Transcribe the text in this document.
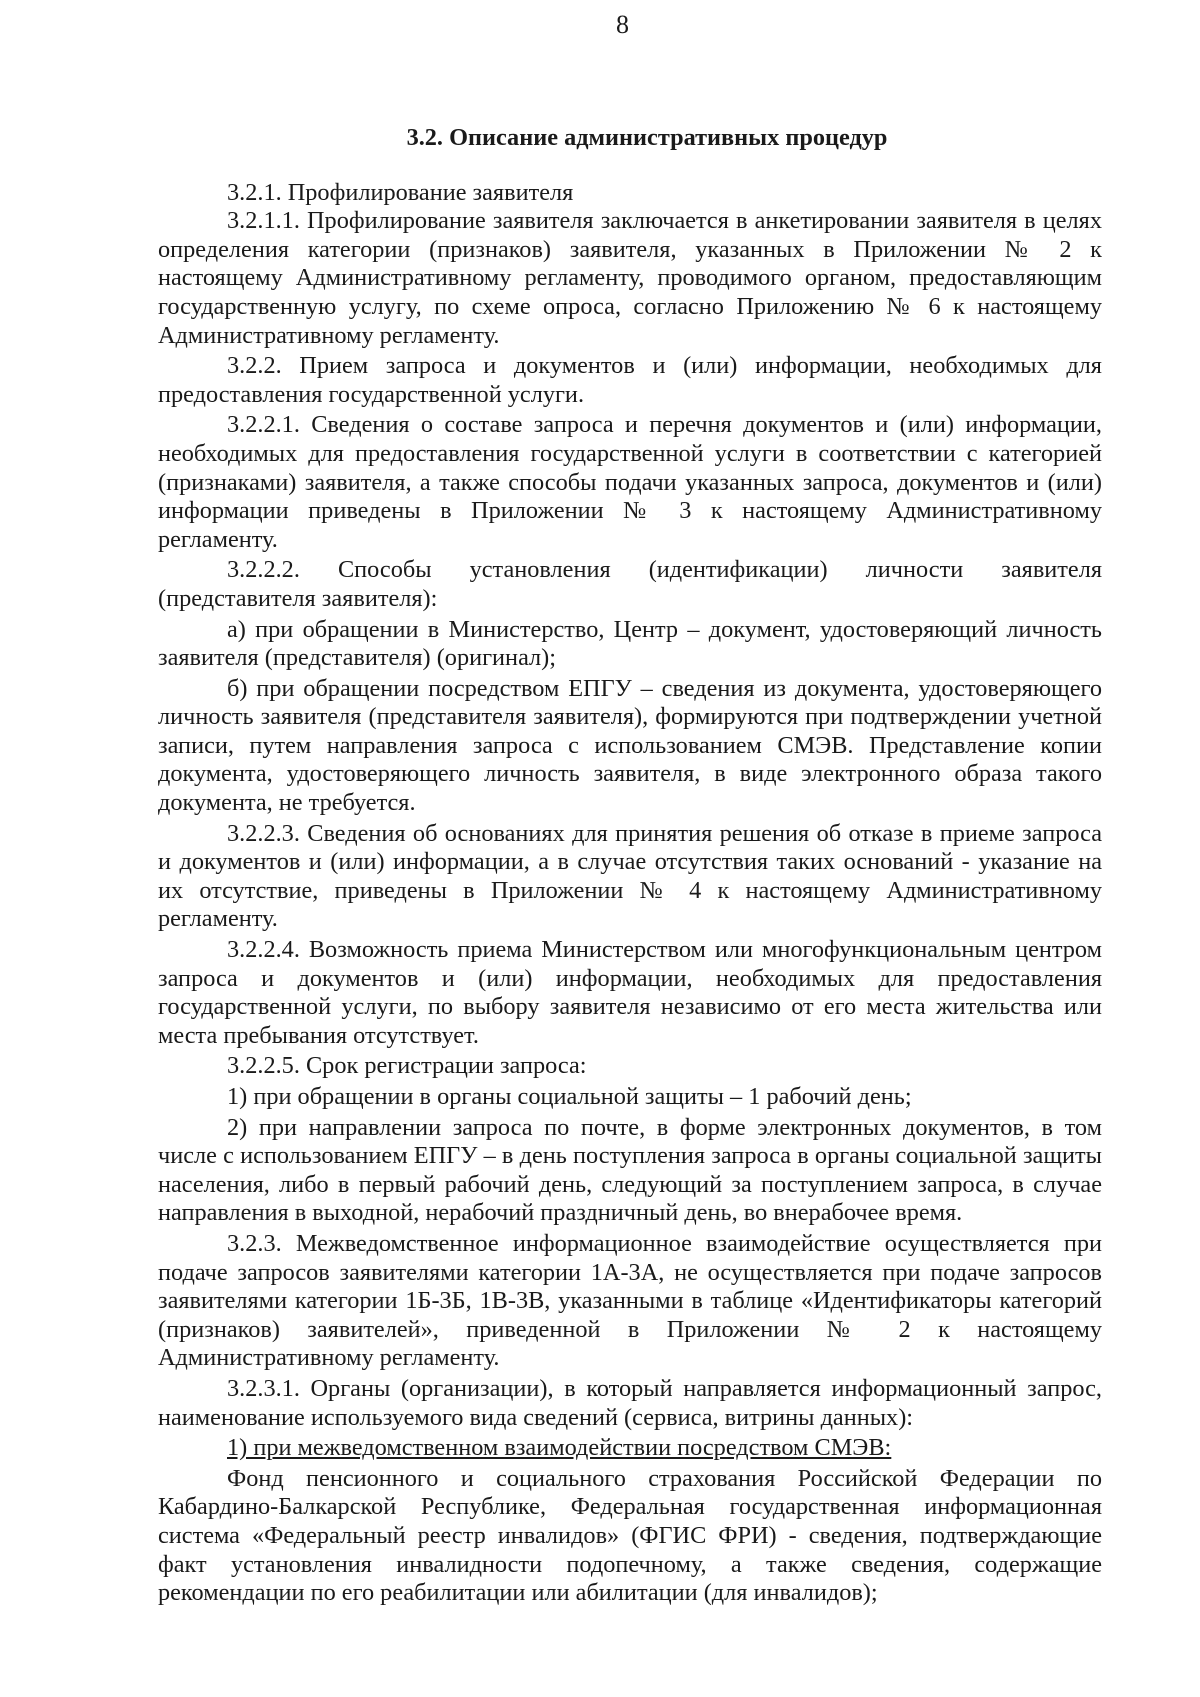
8
3.2. Описание административных процедур

3.2.1. Профилирование заявителя

3.2.1.1. Профилирование заявителя заключается в анкетировании заявителя в целях определения категории (признаков) заявителя, указанных в Приложении № 2 к настоящему Административному регламенту, проводимого органом, предоставляющим государственную услугу, по схеме опроса, согласно Приложению № 6 к настоящему Административному регламенту.

3.2.2. Прием запроса и документов и (или) информации, необходимых для предоставления государственной услуги.

3.2.2.1. Сведения о составе запроса и перечня документов и (или) информации, необходимых для предоставления государственной услуги в соответствии с категорией (признаками) заявителя, а также способы подачи указанных запроса, документов и (или) информации приведены в Приложении № 3 к настоящему Административному регламенту.

3.2.2.2. Способы установления (идентификации) личности заявителя (представителя заявителя):

а) при обращении в Министерство, Центр – документ, удостоверяющий личность заявителя (представителя) (оригинал);

б) при обращении посредством ЕПГУ – сведения из документа, удостоверяющего личность заявителя (представителя заявителя), формируются при подтверждении учетной записи, путем направления запроса с использованием СМЭВ. Представление копии документа, удостоверяющего личность заявителя, в виде электронного образа такого документа, не требуется.

3.2.2.3. Сведения об основаниях для принятия решения об отказе в приеме запроса и документов и (или) информации, а в случае отсутствия таких оснований - указание на их отсутствие, приведены в Приложении № 4 к настоящему Административному регламенту.

3.2.2.4. Возможность приема Министерством или многофункциональным центром запроса и документов и (или) информации, необходимых для предоставления государственной услуги, по выбору заявителя независимо от его места жительства или места пребывания отсутствует.

3.2.2.5. Срок регистрации запроса:

1) при обращении в органы социальной защиты – 1 рабочий день;

2) при направлении запроса по почте, в форме электронных документов, в том числе с использованием ЕПГУ – в день поступления запроса в органы социальной защиты населения, либо в первый рабочий день, следующий за поступлением запроса, в случае направления в выходной, нерабочий праздничный день, во внерабочее время.

3.2.3. Межведомственное информационное взаимодействие осуществляется при подаче запросов заявителями категории 1А-3А, не осуществляется при подаче запросов заявителями категории 1Б-3Б, 1В-3В, указанными в таблице «Идентификаторы категорий (признаков) заявителей», приведенной в Приложении № 2 к настоящему Административному регламенту.

3.2.3.1. Органы (организации), в который направляется информационный запрос, наименование используемого вида сведений (сервиса, витрины данных):

1) при межведомственном взаимодействии посредством СМЭВ:

Фонд пенсионного и социального страхования Российской Федерации по Кабардино-Балкарской Республике, Федеральная государственная информационная система «Федеральный реестр инвалидов» (ФГИС ФРИ) - сведения, подтверждающие факт установления инвалидности подопечному, а также сведения, содержащие рекомендации по его реабилитации или абилитации (для инвалидов);
